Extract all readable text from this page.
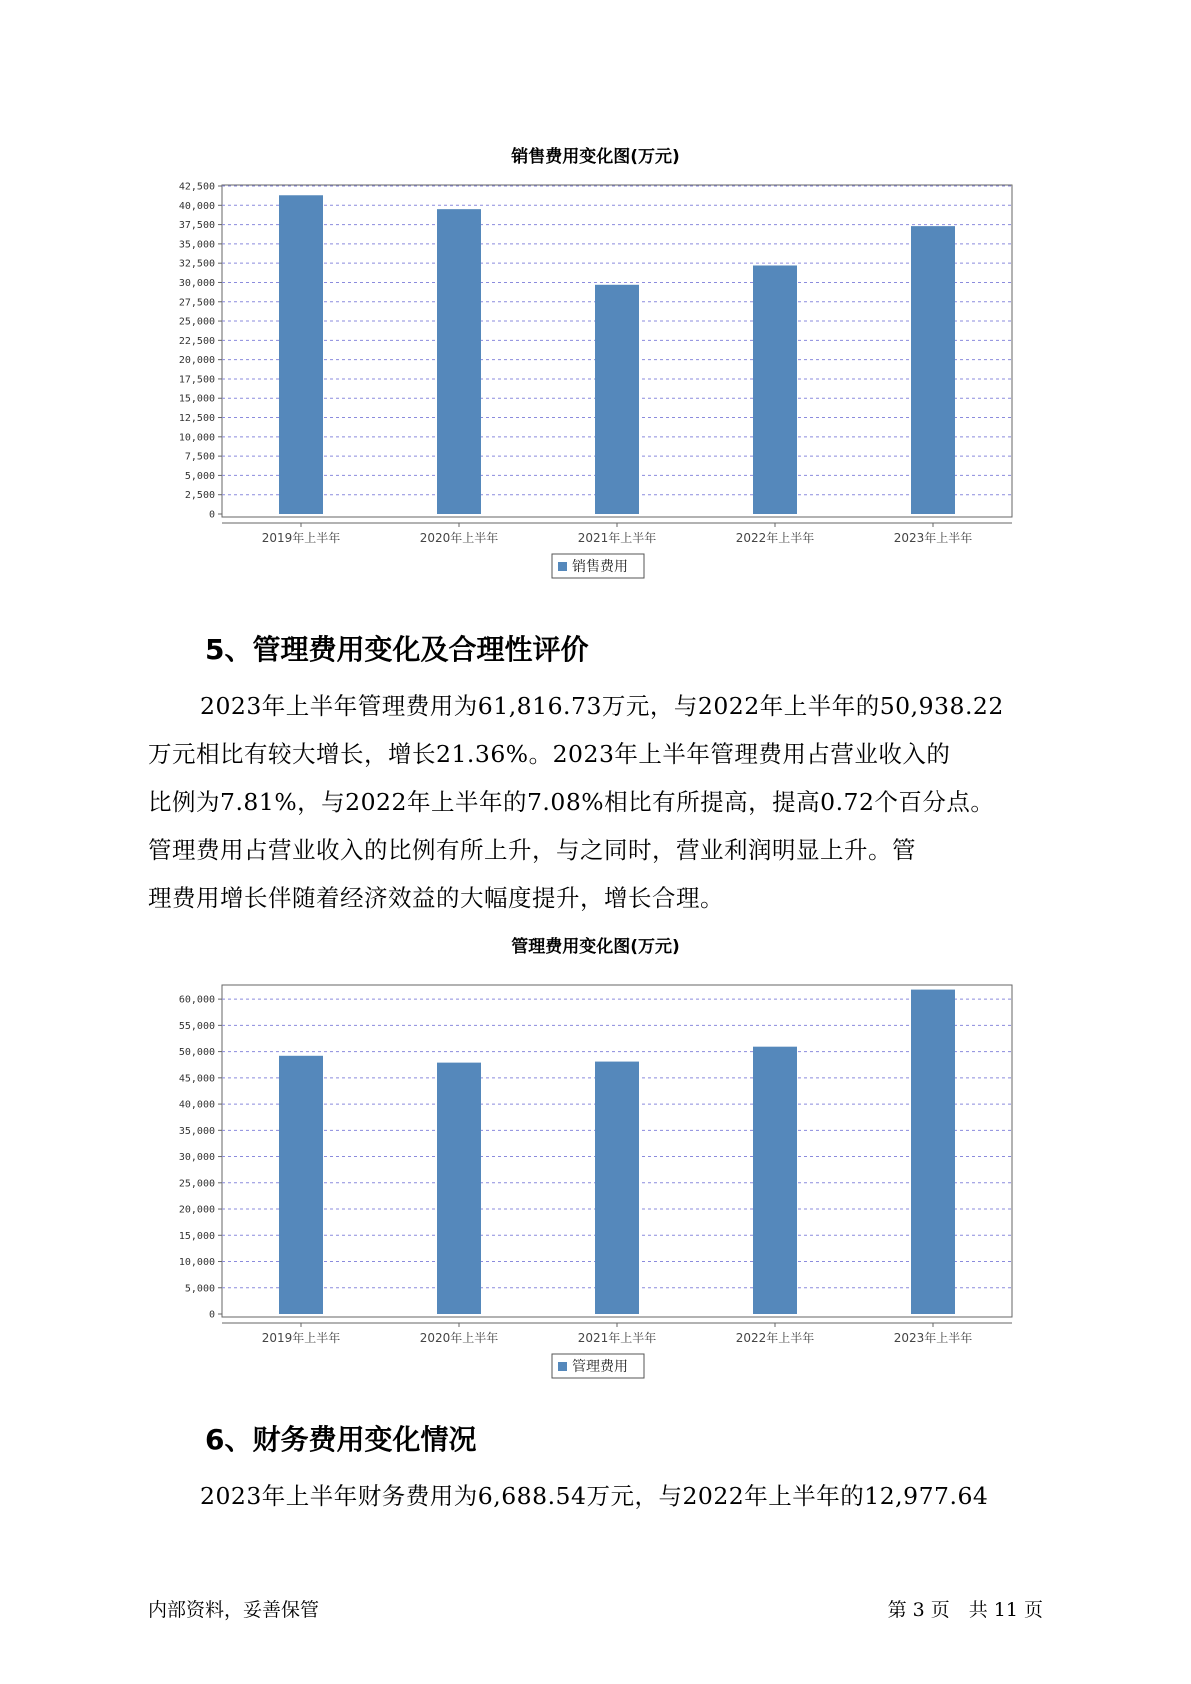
销售费用变化图(万元)
0
2,500
5,000
7,500
10,000
12,500
15,000
17,500
20,000
22,500
25,000
27,500
30,000
32,500
35,000
37,500
40,000
42,500
2019年上半年	2020年上半年	2021年上半年	2022年上半年	2023年上半年
销售费用
5、管理费用变化及合理性评价

2023年上半年管理费用为61,816.73万元，与2022年上半年的50,938.22
万元相比有较大增长，增长21.36%。2023年上半年管理费用占营业收入的
比例为7.81%，与2022年上半年的7.08%相比有所提高，提高0.72个百分点。
管理费用占营业收入的比例有所上升，与之同时，营业利润明显上升。管
理费用增长伴随着经济效益的大幅度提升，增长合理。

管理费用变化图(万元)
0
5,000
10,000
15,000
20,000
25,000
30,000
35,000
40,000
45,000
50,000
55,000
60,000
2019年上半年	2020年上半年	2021年上半年	2022年上半年	2023年上半年
管理费用
6、财务费用变化情况

2023年上半年财务费用为6,688.54万元，与2022年上半年的12,977.64

内部资料，妥善保管	第 3 页　共 11 页
